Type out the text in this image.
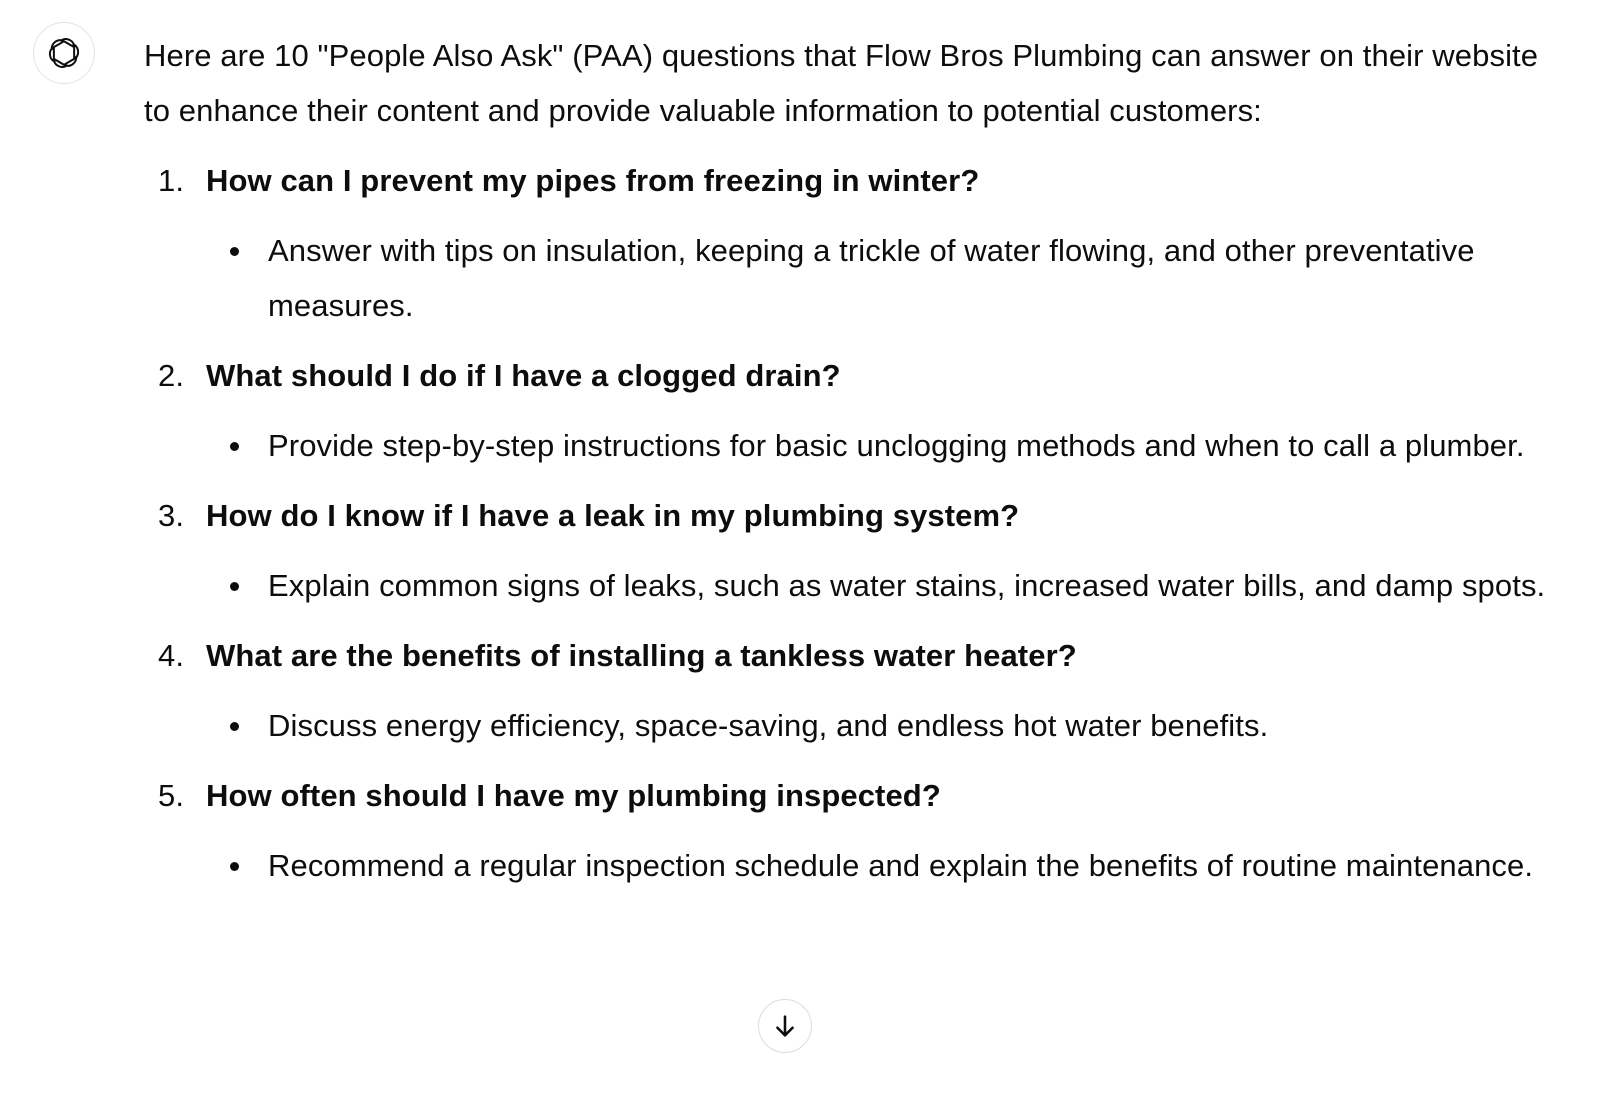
Here are 10 "People Also Ask" (PAA) questions that Flow Bros Plumbing can answer on their website to enhance their content and provide valuable information to potential customers:

1. How can I prevent my pipes from freezing in winter?
Answer with tips on insulation, keeping a trickle of water flowing, and other preventative measures.
2. What should I do if I have a clogged drain?
Provide step-by-step instructions for basic unclogging methods and when to call a plumber.
3. How do I know if I have a leak in my plumbing system?
Explain common signs of leaks, such as water stains, increased water bills, and damp spots.
4. What are the benefits of installing a tankless water heater?
Discuss energy efficiency, space-saving, and endless hot water benefits.
5. How often should I have my plumbing inspected?
Recommend a regular inspection schedule and explain the benefits of routine maintenance.
